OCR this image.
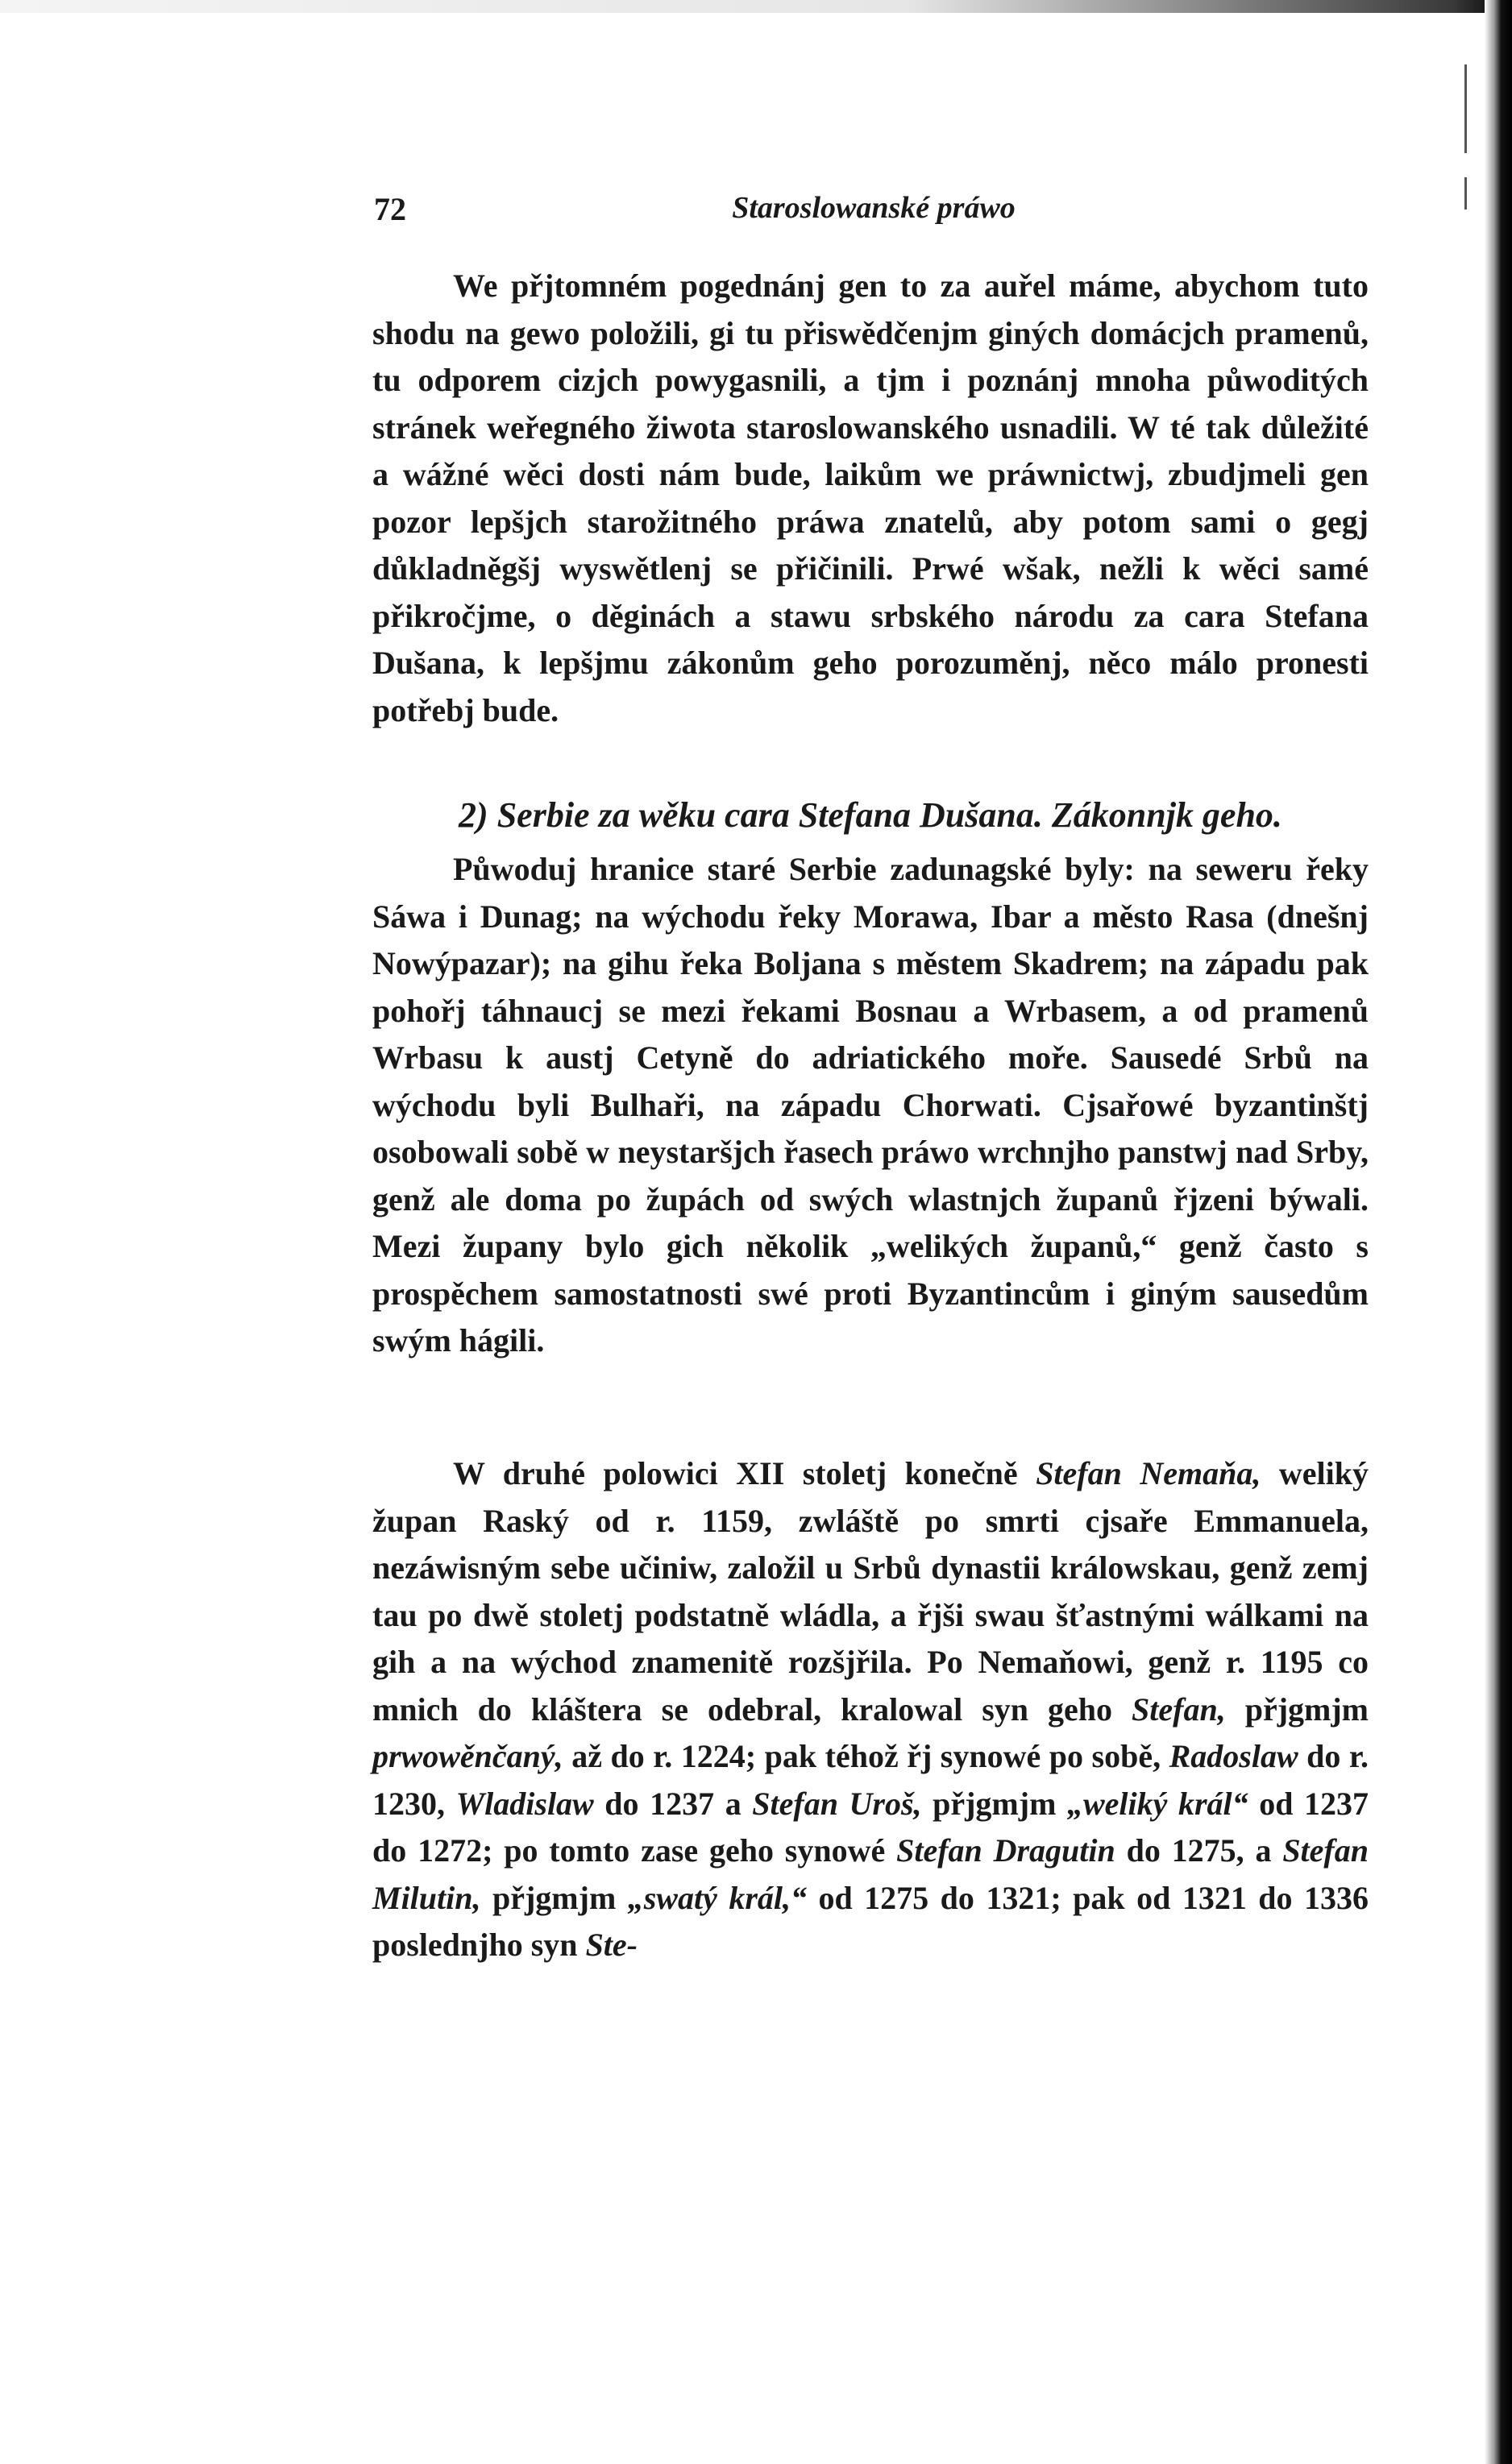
72	Staroslowanské práwo

We přjtomném pogednánj gen to za auřel máme, abychom tuto shodu na gewo položili, gi tu přiswědčenjm giných domácjch pramenů, tu odporem cizjch powygasnili, a tjm i poznánj mnoha půwoditých stránek weřegného žiwota staroslowanského usnadili. W té tak důležité a wážné wěci dosti nám bude, laikům we práwnictwj, zbudjmeli gen pozor lepšjch starožitného práwa znatelů, aby potom sami o gegj důkladněgšj wyswětlenj se přičinili. Prwé wšak, nežli k wěci samé přikročjme, o děginách a stawu srbského národu za cara Stefana Dušana, k lepšjmu zákonům geho porozuměnj, něco málo pronesti potřebj bude.

2) Serbie za wěku cara Stefana Dušana. Zákonnjk geho.

Půwoduj hranice staré Serbie zadunagské byly: na seweru řeky Sáwa i Dunag; na wýchodu řeky Morawa, Ibar a město Rasa (dnešnj Nowýpazar); na gihu řeka Boljana s městem Skadrem; na západu pak pohořj táhnaucj se mezi řekami Bosnau a Wrbasem, a od pramenů Wrbasu k austj Cetyně do adriatického moře. Sausedé Srbů na wýchodu byli Bulhaři, na západu Chorwati. Cjsařowé byzantinštj osobowali sobě w neystaršjch řasech práwo wrchnjho panstwj nad Srby, genž ale doma po župách od swých wlastnjch županů řjzeni býwali. Mezi župany bylo gich několik „welikých županů,“ genž často s prospěchem samostatnosti swé proti Byzantincům i giným sausedům swým hágili.

W druhé polowici XII stoletj konečně Stefan Nemaňa, weliký župan Raský od r. 1159, zwláště po smrti cjsaře Emmanuela, nezáwisným sebe učiniw, založil u Srbů dynastii králowskau, genž zemj tau po dwě stoletj podstatně wládla, a řjši swau šťastnými wálkami na gih a na wýchod znamenitě rozšjřila. Po Nemaňowi, genž r. 1195 co mnich do kláštera se odebral, kralowal syn geho Stefan, přjgmjm prwowěnčaný, až do r. 1224; pak téhož řj synowé po sobě, Radoslaw do r. 1230, Wladislaw do 1237 a Stefan Uroš, přjgmjm „weliký král“ od 1237 do 1272; po tomto zase geho synowé Stefan Dragutin do 1275, a Stefan Milutin, přjgmjm „swatý král,“ od 1275 do 1321; pak od 1321 do 1336 poslednjho syn Ste-
